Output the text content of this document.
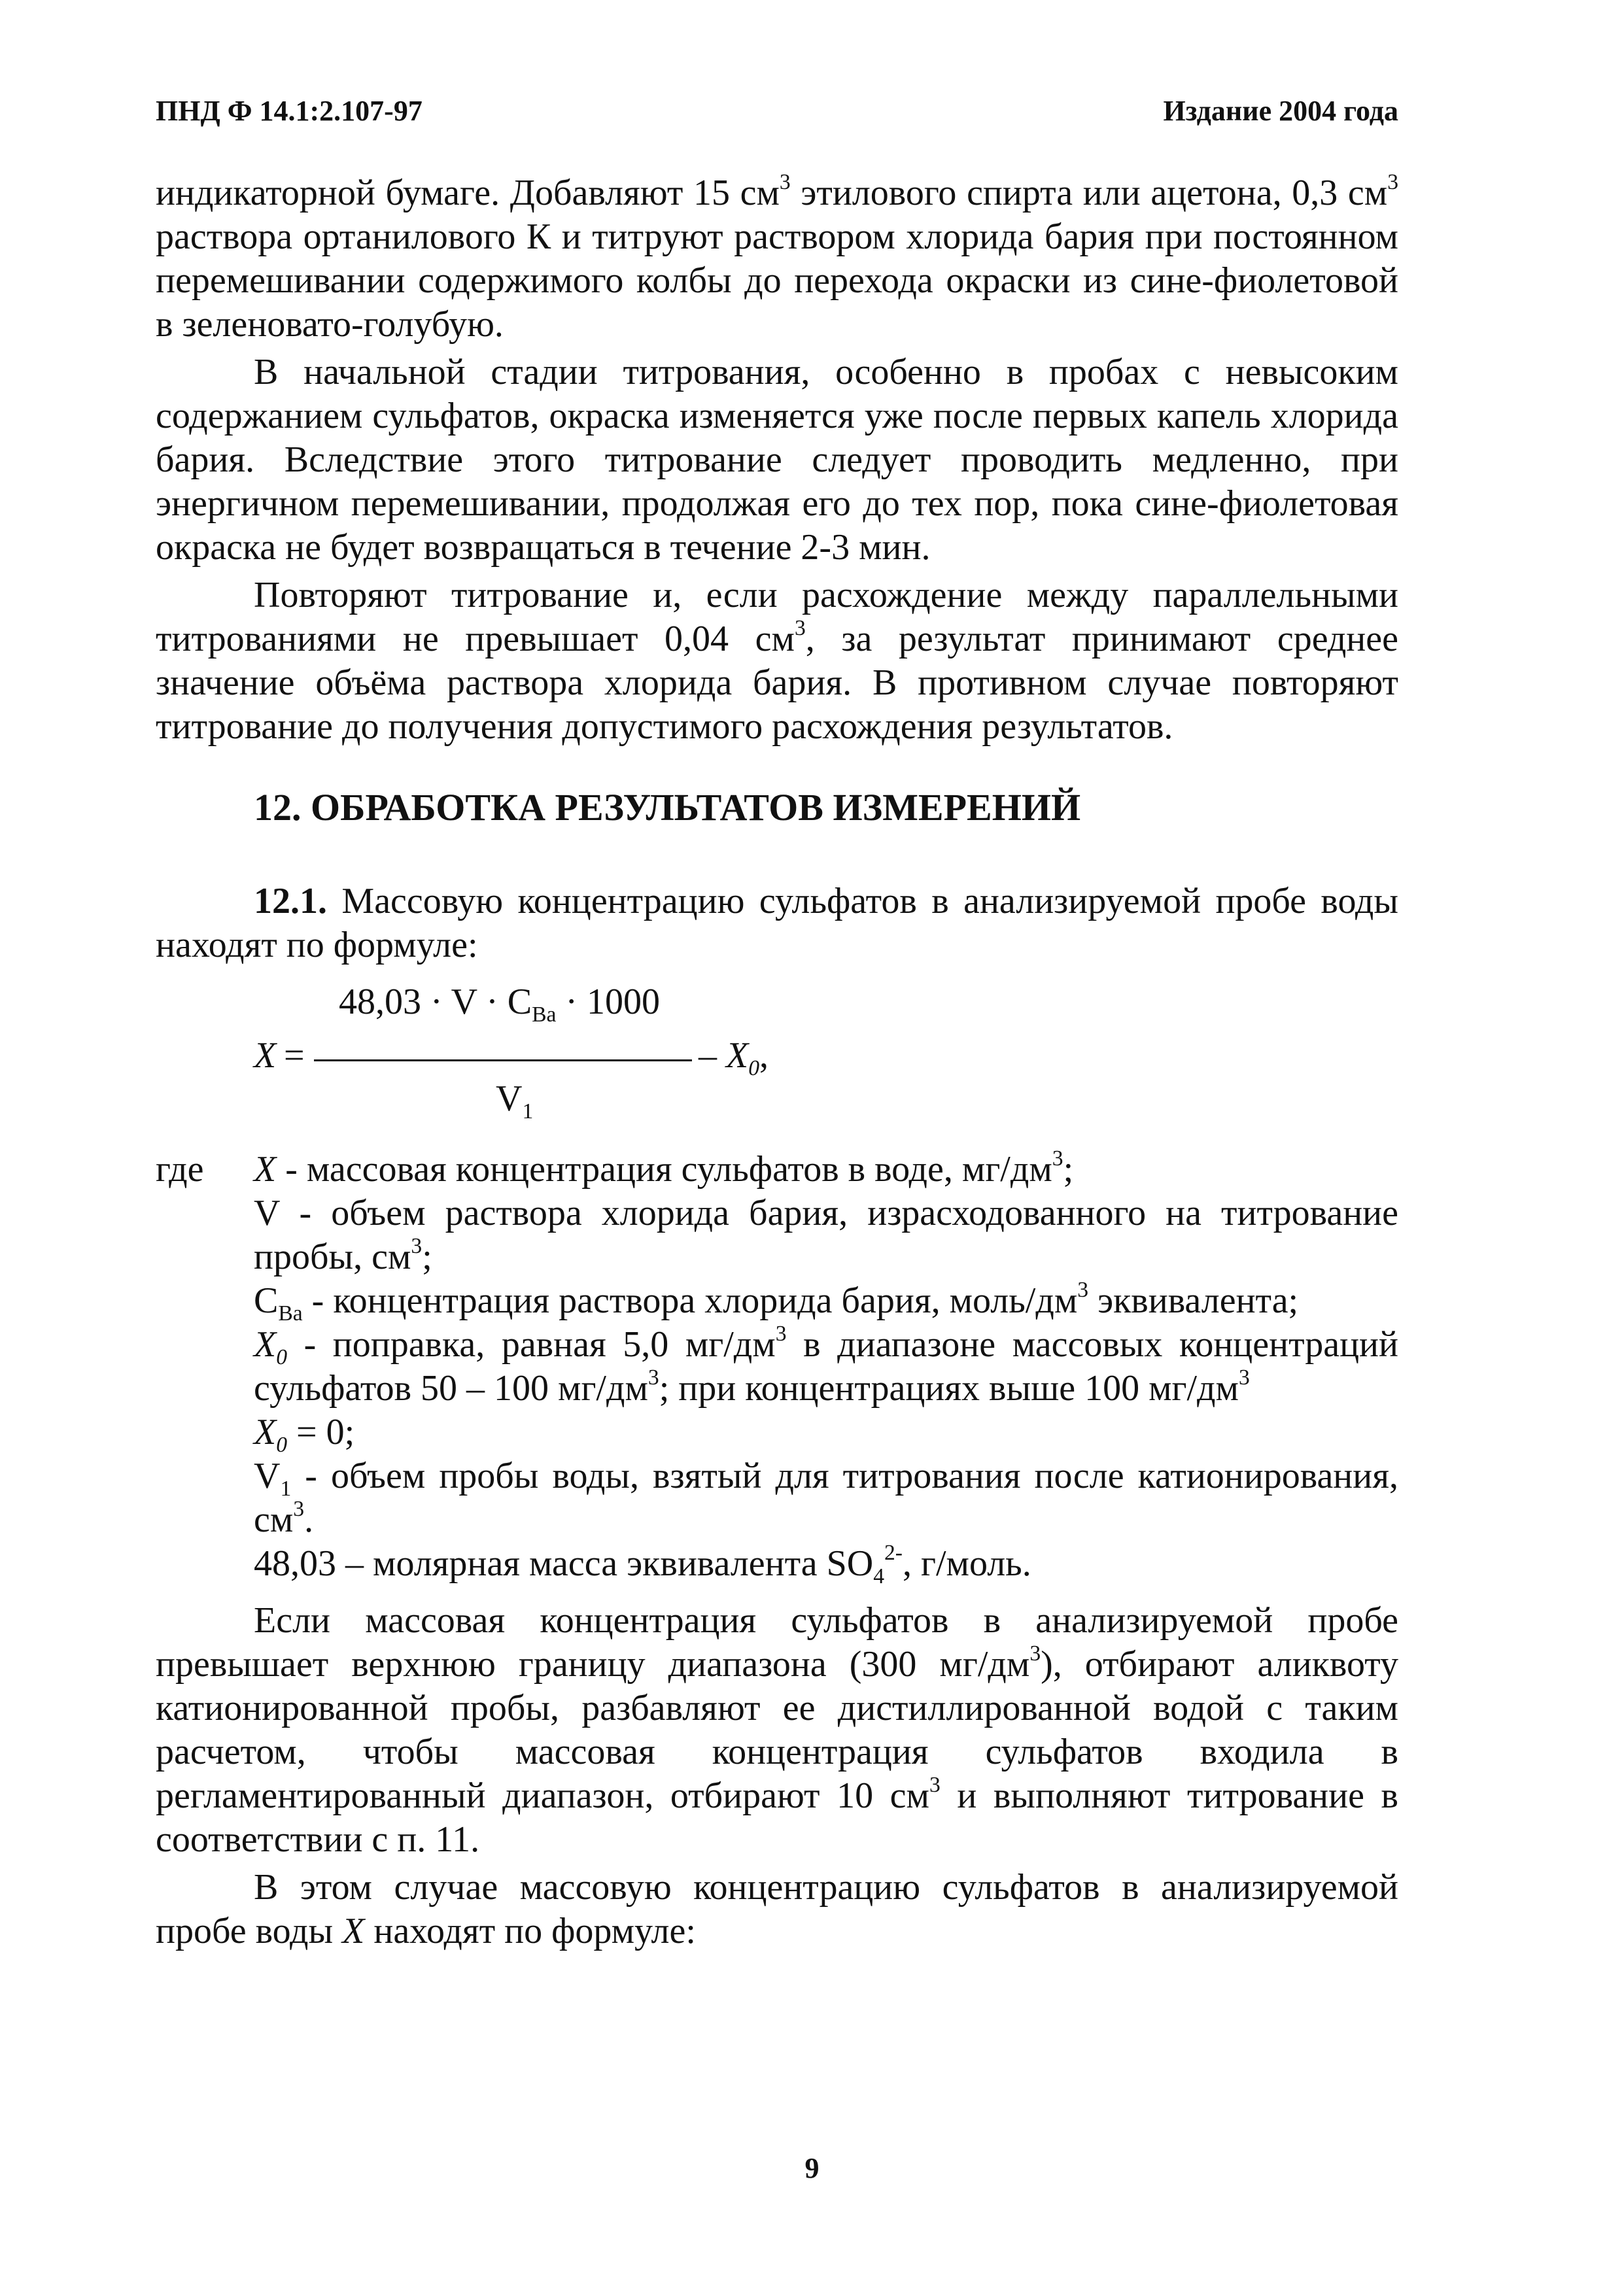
ПНД Ф 14.1:2.107-97	Издание 2004 года

индикаторной бумаге. Добавляют 15 $см^3$ этилового спирта или ацетона, 0,3 $см^3$ раствора ортанилового К и титруют раствором хлорида бария при постоянном перемешивании содержимого колбы до перехода окраски из сине-фиолетовой в зеленовато-голубую.

В начальной стадии титрования, особенно в пробах с невысоким содержанием сульфатов, окраска изменяется уже после первых капель хлорида бария. Вследствие этого титрование следует проводить медленно, при энергичном перемешивании, продолжая его до тех пор, пока сине-фиолетовая окраска не будет возвращаться в течение 2-3 мин.

Повторяют титрование и, если расхождение между параллельными титрованиями не превышает 0,04 $см^3$, за результат принимают среднее значение объёма раствора хлорида бария. В противном случае повторяют титрование до получения допустимого расхождения результатов.

12. ОБРАБОТКА РЕЗУЛЬТАТОВ ИЗМЕРЕНИЙ

12.1. Массовую концентрацию сульфатов в анализируемой пробе воды находят по формуле:

X =
$48,03 \cdot V \cdot C_{Ba} \cdot 1000$
$V_1$
– $X_0$,
где X - массовая концентрация сульфатов в воде, $мг/дм^3$;

V - объем раствора хлорида бария, израсходованного на титрование пробы, $см^3$;

$C_{Ba}$ - концентрация раствора хлорида бария, моль/$дм^3$ эквивалента;

$X_0$ - поправка, равная 5,0 $мг/дм^3$ в диапазоне массовых концентраций сульфатов 50 – 100 $мг/дм^3$; при концентрациях выше 100 $мг/дм^3$

$X_0 = 0$;

$V_1$ - объем пробы воды, взятый для титрования после катионирования, $см^3$.

48,03 – молярная масса эквивалента $SO_4^{2-}$, г/моль.

Если массовая концентрация сульфатов в анализируемой пробе превышает верхнюю границу диапазона (300 $мг/дм^3$), отбирают аликвоту катионированной пробы, разбавляют ее дистиллированной водой с таким расчетом, чтобы массовая концентрация сульфатов входила в регламентированный диапазон, отбирают 10 $см^3$ и выполняют титрование в соответствии с п. 11.

В этом случае массовую концентрацию сульфатов в анализируемой пробе воды X находят по формуле:

9
